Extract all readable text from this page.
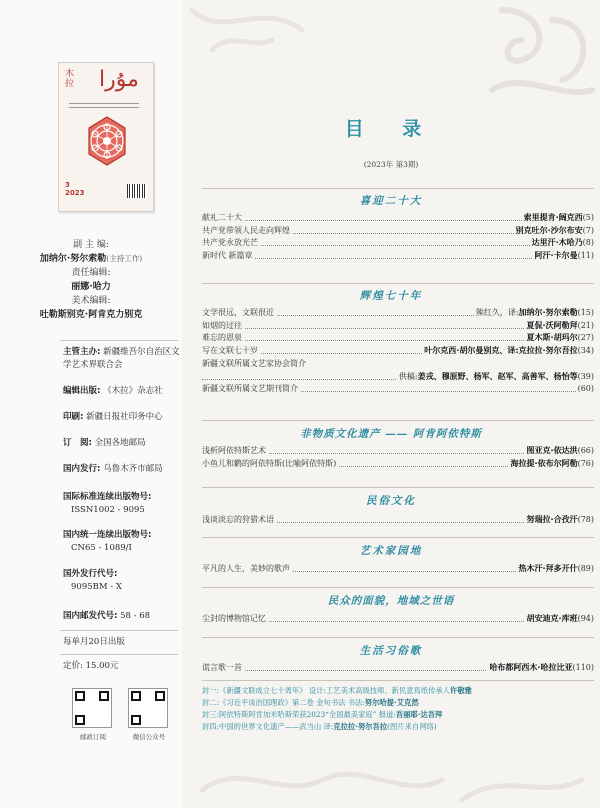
木拉 مۇرا
3
2023
副 主 编:
加纳尔·努尔索勒(主持工作)
责任编辑:
丽娜·哈力
美术编辑:
吐勒斯别克·阿肯克力别克
主管主办: 新疆维吾尔自治区文学艺术界联合会
编辑出版: 《木拉》杂志社
印刷: 新疆日报社印务中心
订　阅: 全国各地邮局
国内发行: 乌鲁木齐市邮局
国际标准连续出版物号:
ISSN1002 - 9095
国内统一连续出版物号:
CN65 - 1089/I
国外发行代号:
9095BM - X
国内邮发代号: 58 - 68
每单月20日出版
定价: 15.00元
邮政订阅	微信公众号
目 录
(2023年 第3期)
喜迎二十大
献礼二十大	索里提肯·阔克西(5)
共产党带领人民走向辉煌	别克吐尔·沙尔布安(7)
共产党永放光芒	达里汗·木哈乃(8)
新时代 新篇章	阿汗·卡尔曼(11)
辉煌七十年
文学很远，文联很近	熊红久，译:加纳尔·努尔索勒(15)
如烟的过往	夏侃·沃阿勒拜(21)
难忘的恩泉	夏木斯·胡玛尔(27)
写在文联七十岁	叶尔克西·胡尔曼别克、译:克拉拉·努尔吾拉(34)
新疆文联所属文艺家协会简介
供稿:姜戎、穆原野、杨军、赵军、高善军、杨怡等(39)
新疆文联所属文艺期刊简介	(60)
非物质文化遗产 —— 阿肯阿依特斯
浅析阿依特斯艺术	图亚克·依达洪(66)
小鱼儿和鹳的阿依特斯(比喻阿依特斯)	海拉提·依布尔阿勒(76)
民俗文化
浅谈淡忘的狩猎术语	努瑞拉·合孜汗(78)
艺术家园地
平凡的人生，美妙的歌声	热木汗·拜多开什(89)
民众的面貌，地域之世语
尘封的博物馆记忆	胡安迪克·库班(94)
生活习俗歌
谎言歌一首	哈布都阿西木·哈拉比亚(110)
封一:《新疆文联成立七十周年》 设计:工艺美术高级技师、新民意焉纸传承人许敬雅
封二:《习近平谈治国理政》第二卷 金句书法 书法:努尔哈提·艾克然
封三:阿依特斯阿肯加米哈斯荣获2023“全国最美家庭” 报道:吾丽耶·达吾拜
封四:中国的世界文化遗产——武当山 译:克拉拉·努尔吾拉(图片来自网络)
